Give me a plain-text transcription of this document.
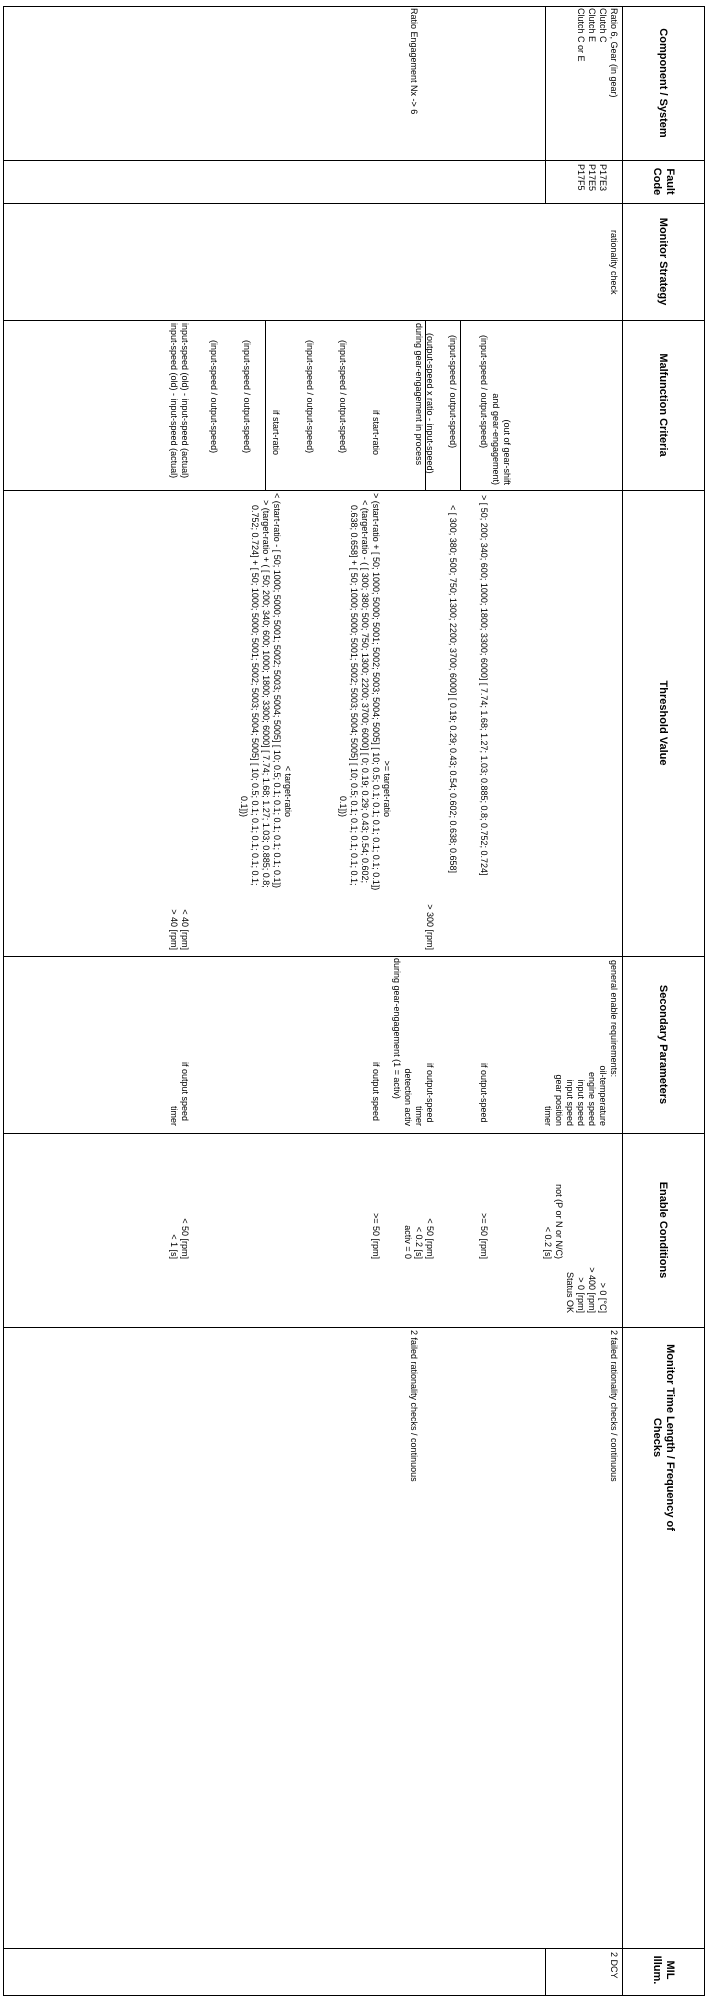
Component / System
Fault Code
Monitor Strategy
Malfunction Criteria
Threshold Value
Secondary Parameters
Enable Conditions
Monitor Time Length / Frequency of Checks
MIL Illum.
Ratio 6, Gear (in gear)
Clutch C
Clutch E
Clutch C or E
Ratio Engagement Nx -> 6
P17E3
P17E5
P17F5
rationality check
(out of gear-shift
and gear-engagement)
(input-speed / output-speed)
(input-speed / output-speed)
(output-speed x ratio - input-speed)
during gear-engagement in process
if start-ratio
(input-speed / output-speed)
(input-speed / output-speed)
if start-ratio
(input-speed / output-speed)
(input-speed / output-speed)
input-speed (old) - input-speed (actual)
input-speed (old) - input-speed (actual)
> [ 50; 200; 340; 600; 1000; 1800; 3300; 6000] [ 7.74; 1.68; 1.27; 1.03; 0.885; 0.8; 0.752; 0.724]
< [ 300; 380; 500; 750; 1300; 2200; 3700; 6000] [ 0.19; 0.29; 0.43; 0.54; 0.602; 0.638; 0.658]
> 300 [rpm]
>= target-ratio
> (start-ratio + [ 50; 1000; 5000; 5001; 5002; 5003; 5004; 5005] [ 10; 0.5; 0.1; 0.1; 0.1; 0.1; 0.1; 0.1])
< (target-ratio - ( [ 300; 380; 500; 750; 1300; 2200; 3700; 6000] [ 0; 0.19; 0.29; 0.43; 0.54; 0.602;
0.638; 0.658] + [ 50; 1000; 5000; 5001; 5002; 5003; 5004; 5005] [ 10; 0.5; 0.1; 0.1; 0.1; 0.1; 0.1;
0.1]))
< target-ratio
< (start-ratio - [ 50; 1000; 5000; 5001; 5002; 5003; 5004; 5005] [ 10; 0.5; 0.1; 0.1; 0.1; 0.1; 0.1; 0.1])
> (target-ratio + ( [ 50; 200; 340; 600; 1000; 1800; 3300; 6000] [ 7.74; 1.68; 1.27; 1.03; 0.885; 0.8;
0.752; 0.724] + [ 50; 1000; 5000; 5001; 5002; 5003; 5004; 5005] [ 10; 0.5; 0.1; 0.1; 0.1; 0.1; 0.1;
0.1]))
< 40 [rpm]
> 40 [rpm]
general enable requirements:
oil-temperature
engine speed
input speed
input speed
gear position
timer
if output-speed
if output-speed
timer
detection activ
during gear-engagement (1 = activ)
if output speed
if output speed
timer
> 0 [°C]
> 400 [rpm]
> 0 [rpm]
Status OK
not (P or N or N/C)
< 0.2 [s]
>= 50 [rpm]
< 50 [rpm]
< 0.2 [s]
activ = 0
>= 50 [rpm]
< 50 [rpm]
< 1 [s]
2 failed rationality checks / continuous
2 failed rationality checks / continuous
2 DCY
